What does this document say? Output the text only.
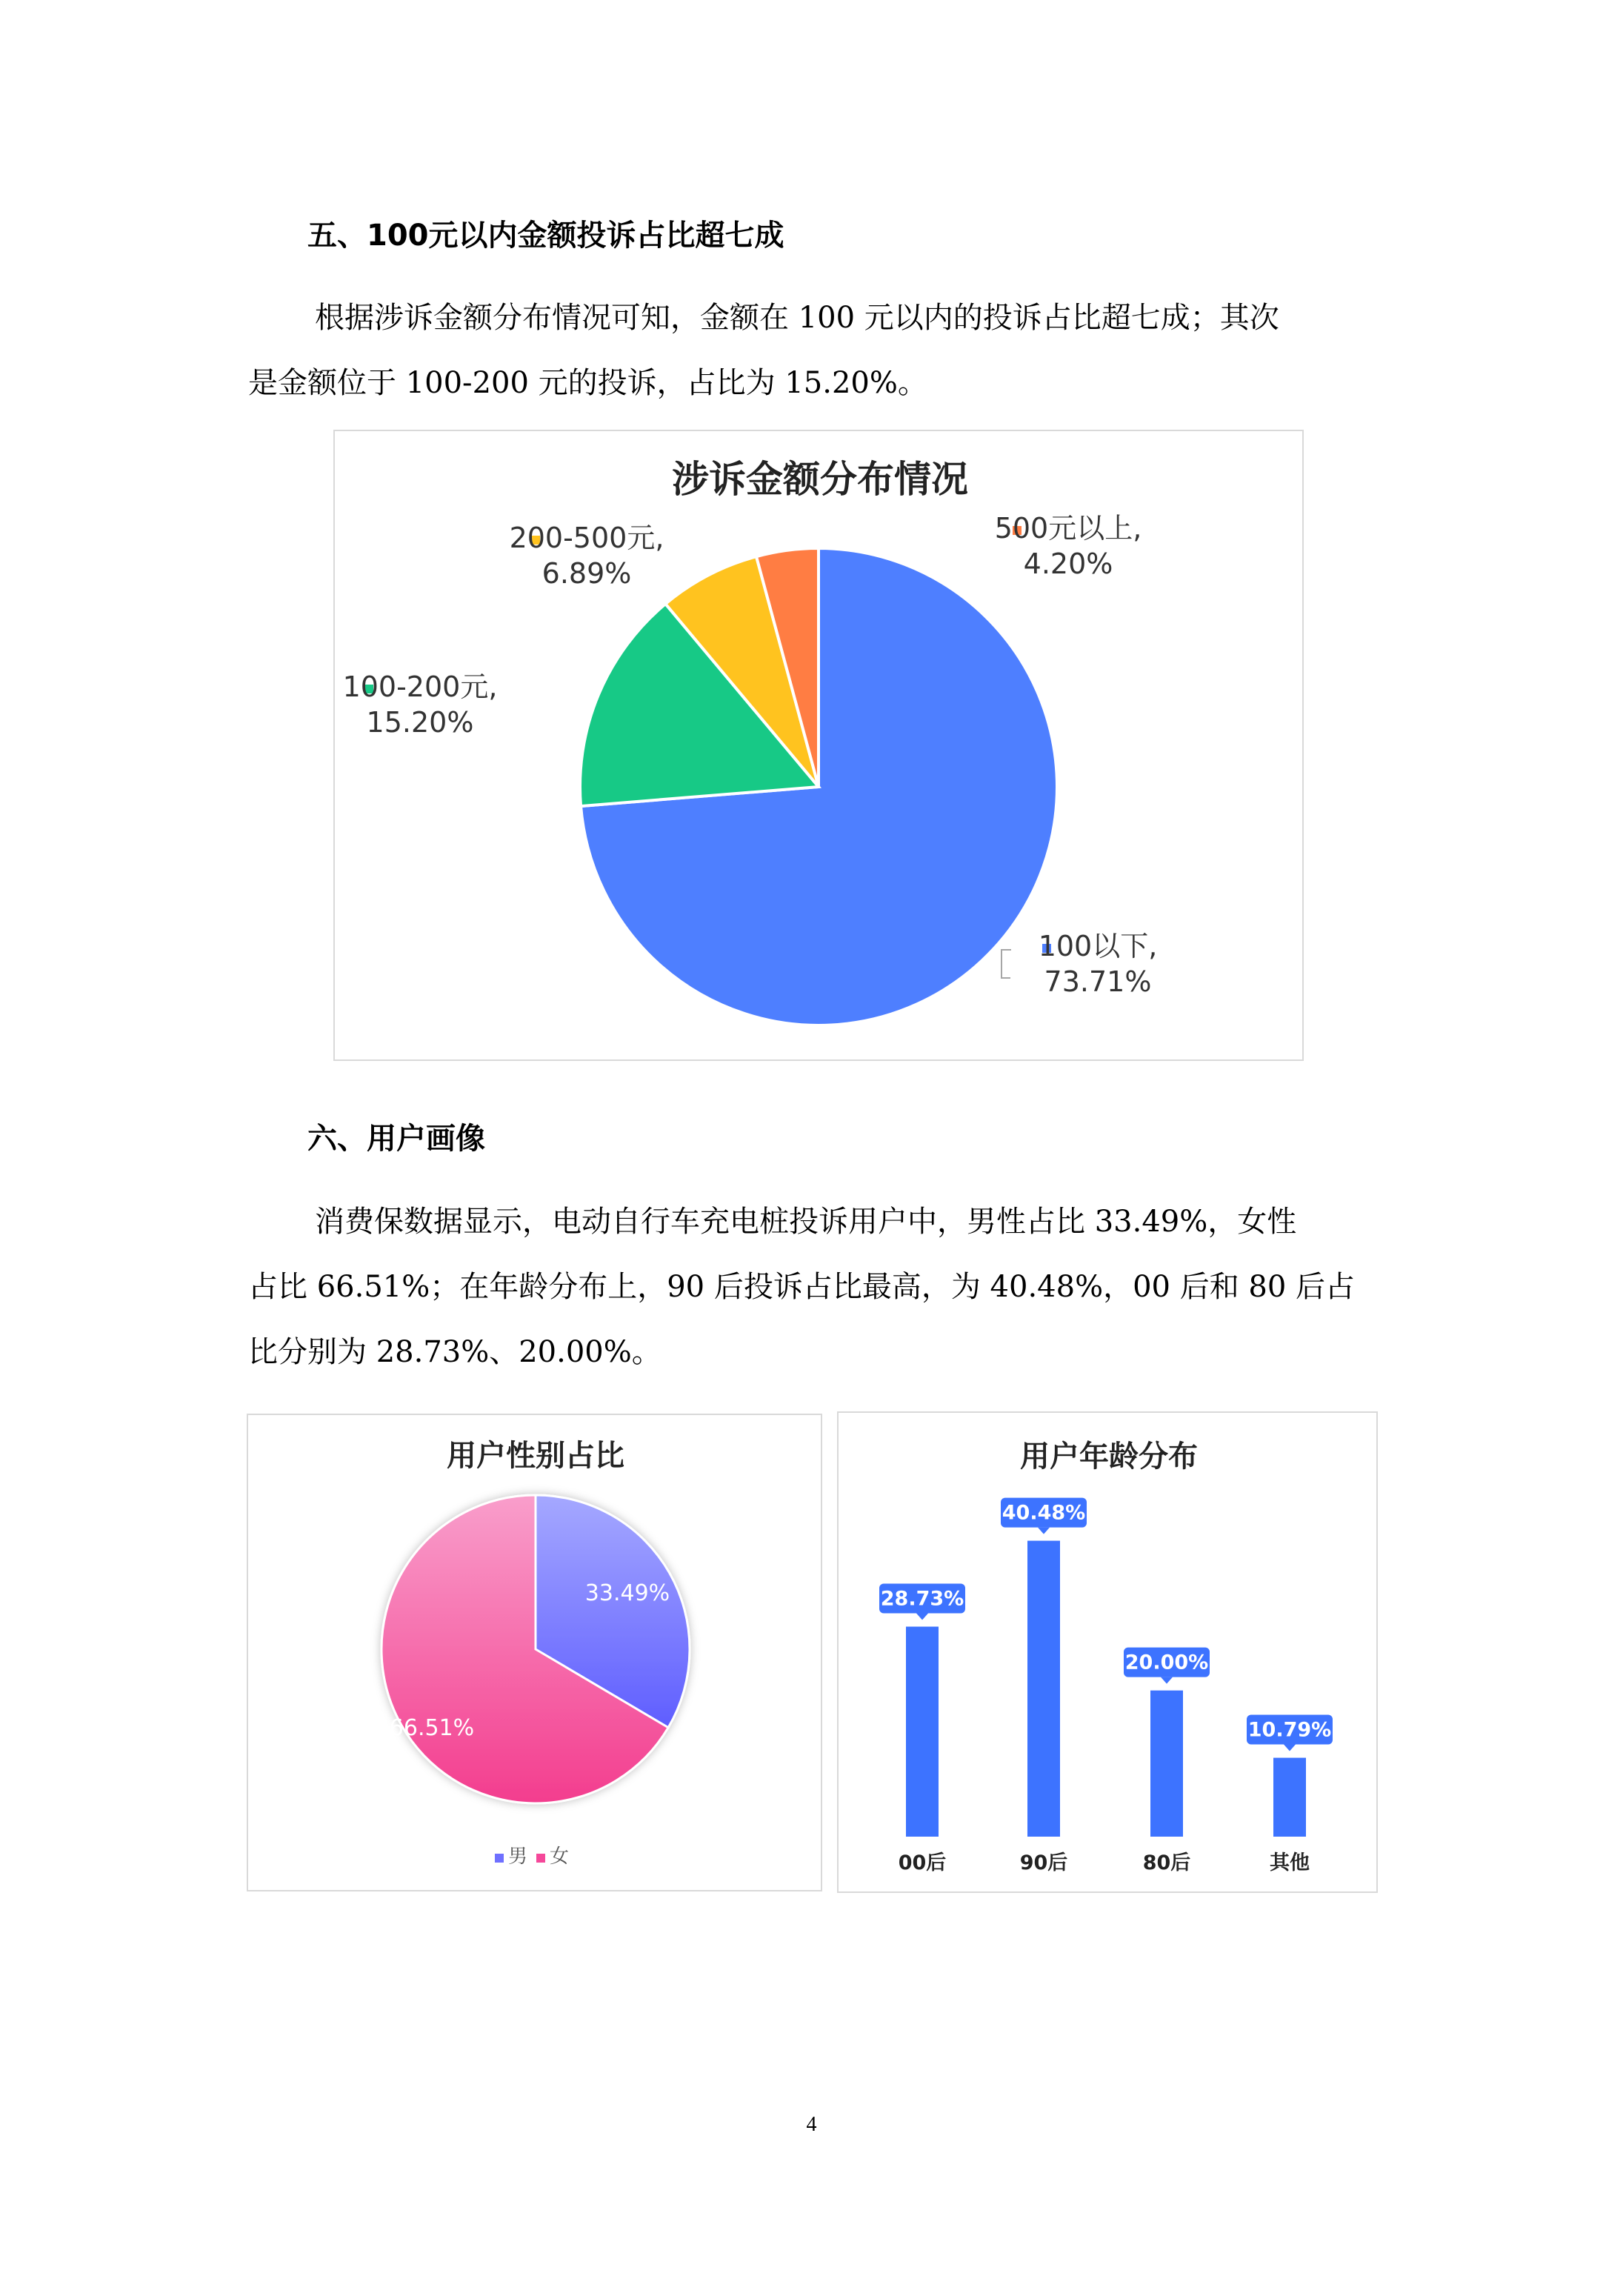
五、100元以内金额投诉占比超七成

根据涉诉金额分布情况可知，金额在 100 元以内的投诉占比超七成；其次

是金额位于 100-200 元的投诉，占比为 15.20%。

涉诉金额分布情况
100以下,
73.71%
100-200元,
15.20%
200-500元,
6.89%
500元以上,
4.20%
六、用户画像

消费保数据显示，电动自行车充电桩投诉用户中，男性占比 33.49%，女性

占比 66.51%；在年龄分布上，90 后投诉占比最高，为 40.48%，00 后和 80 后占

比分别为 28.73%、20.00%。

用户性别占比
33.49%
66.51%
男 女
用户年龄分布
28.73%
00后
40.48%
90后
20.00%
80后
10.79%
其他
4
